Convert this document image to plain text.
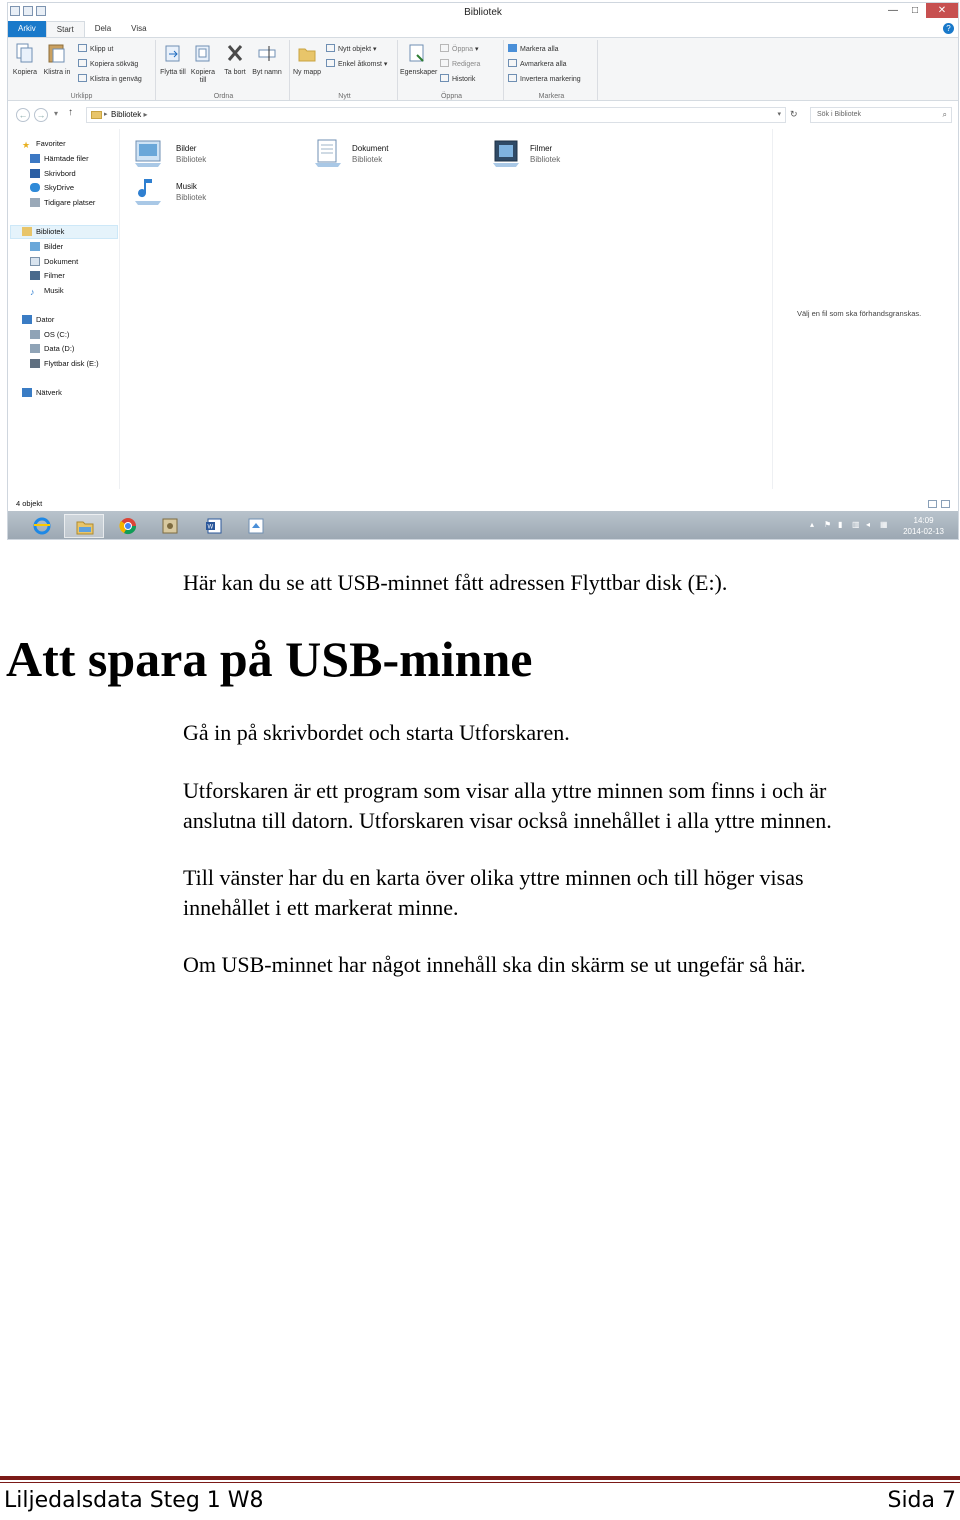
Bibliotek	—	□	✕
Arkiv	Start	Dela	Visa	?
Kopiera Klistra in
Klipp ut
Kopiera sökväg
Klistra in genväg
Urklipp
Flytta till Kopiera till
Ta bort Byt namn
Ordna
Ny mapp
Nytt objekt ▾
Enkel åtkomst ▾
Nytt
Egenskaper
Öppna ▾
Redigera
Historik
Öppna
Markera alla
Avmarkera alla
Invertera markering
Markera
← →	▾ ↑	▸ Bibliotek ▸	▾ ↻	Sök i Bibliotek	⌕
★ Favoriter
Hämtade filer
Skrivbord
SkyDrive
Tidigare platser
Bibliotek
Bilder
Dokument
Filmer
♪ Musik
Dator
OS (C:)
Data (D:)
Flyttbar disk (E:)
Nätverk
Bilder
Bibliotek
Dokument
Bibliotek
Filmer
Bibliotek
Musik
Bibliotek

Välj en fil som ska förhandsgranskas.

4 objekt
W	▴	⚑ ▮	▥ ◂	▦	14:09
2014-02-13
Här kan du se att USB-minnet fått adressen Flyttbar disk (E:).
Att spara på USB-minne
Gå in på skrivbordet och starta Utforskaren.
Utforskaren är ett program som visar alla yttre minnen som finns i och är
anslutna till datorn. Utforskaren visar också innehållet i alla yttre minnen.
Till vänster har du en karta över olika yttre minnen och till höger visas
innehållet i ett markerat minne.
Om USB-minnet har något innehåll ska din skärm se ut ungefär så här.
Liljedalsdata Steg 1 W8	Sida 7
